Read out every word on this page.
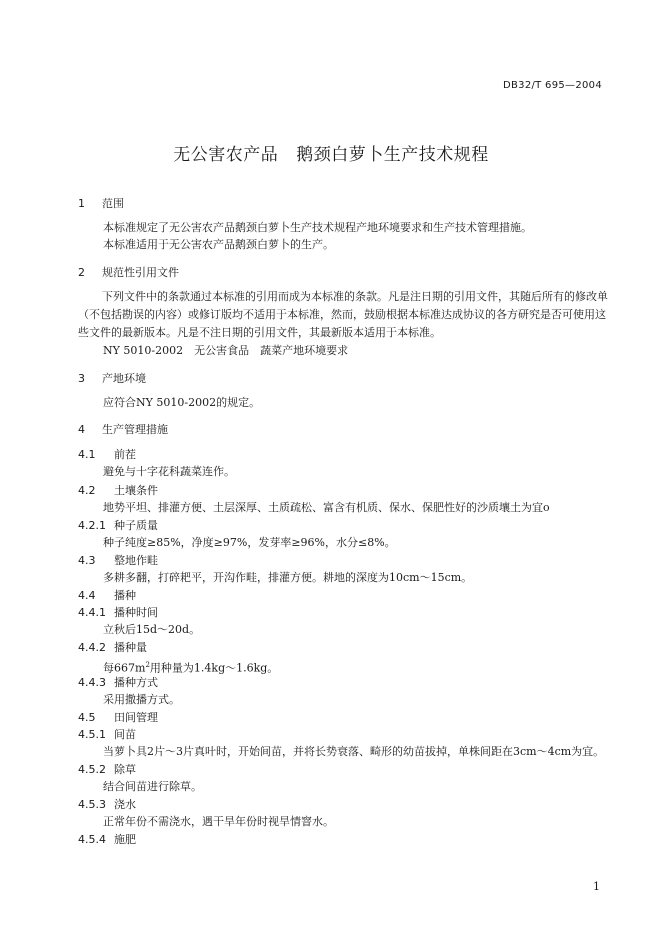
DB32/T 695—2004
无公害农产品 鹅颈白萝卜生产技术规程
1 范围
本标准规定了无公害农产品鹅颈白萝卜生产技术规程产地环境要求和生产技术管理措施。
本标准适用于无公害农产品鹅颈白萝卜的生产。
2 规范性引用文件
下列文件中的条款通过本标准的引用而成为本标准的条款。凡是注日期的引用文件，其随后所有的修改单（不包括勘误的内容）或修订版均不适用于本标准，然而，鼓励根据本标准达成协议的各方研究是否可使用这些文件的最新版本。凡是不注日期的引用文件，其最新版本适用于本标准。
NY 5010-2002　无公害食品　蔬菜产地环境要求
3 产地环境
应符合NY 5010-2002的规定。
4 生产管理措施
4.1 前茬
避免与十字花科蔬菜连作。
4.2 土壤条件
地势平坦、排灌方便、土层深厚、土质疏松、富含有机质、保水、保肥性好的沙质壤土为宜o
4.2.1 种子质量
种子纯度≥85%，净度≥97%，发芽率≥96%，水分≤8%。
4.3 整地作畦
多耕多翻，打碎耙平，开沟作畦，排灌方便。耕地的深度为10cm～15cm。
4.4 播种
4.4.1 播种时间
立秋后15d～20d。
4.4.2 播种量
每$667m^2$用种量为1.4kg～1.6kg。
4.4.3 播种方式
采用撒播方式。
4.5 田间管理
4.5.1 间苗
当萝卜具2片～3片真叶时，开始间苗，并将长势衰落、畸形的幼苗拔掉，单株间距在3cm～4cm为宜。
4.5.2 除草
结合间苗进行除草。
4.5.3 浇水
正常年份不需浇水，遇干旱年份时视旱情窨水。
4.5.4 施肥
1
